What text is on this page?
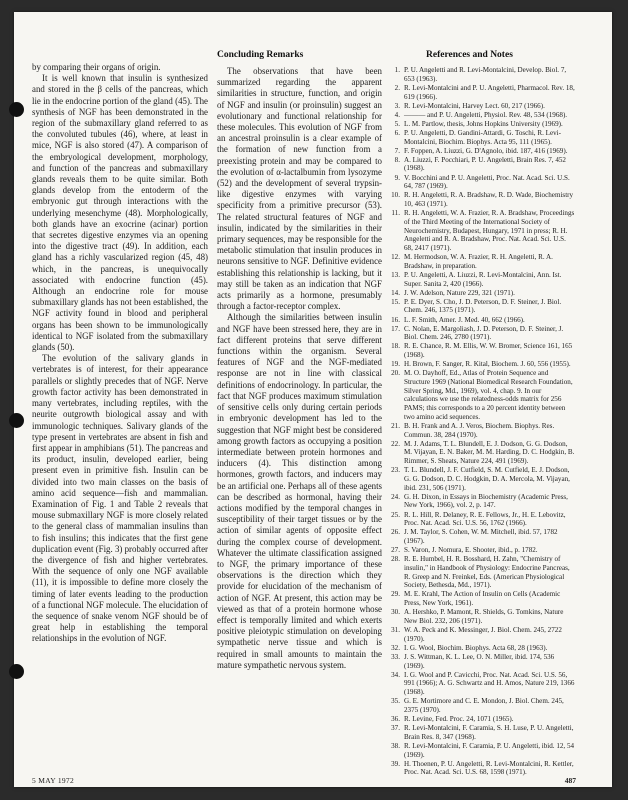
by comparing their organs of origin.

It is well known that insulin is synthesized and stored in the β cells of the pancreas, which lie in the endocrine portion of the gland (45). The synthesis of NGF has been demonstrated in the region of the submaxillary gland referred to as the convoluted tubules (46), where, at least in mice, NGF is also stored (47). A comparison of the embryological development, morphology, and function of the pancreas and submaxillary glands reveals them to be quite similar. Both glands develop from the entoderm of the embryonic gut through interactions with the underlying mesenchyme (48). Morphologically, both glands have an exocrine (acinar) portion that secretes digestive enzymes via an opening into the digestive tract (49). In addition, each gland has a richly vascularized region (45, 48) which, in the pancreas, is unequivocally associated with endocrine function (45). Although an endocrine role for mouse submaxillary glands has not been established, the NGF activity found in blood and peripheral organs has been shown to be immunologically identical to NGF isolated from the submaxillary glands (50).

The evolution of the salivary glands in vertebrates is of interest, for their appearance parallels or slightly precedes that of NGF. Nerve growth factor activity has been demonstrated in many vertebrates, including reptiles, with the neurite outgrowth biological assay and with immunologic techniques. Salivary glands of the type present in vertebrates are absent in fish and first appear in amphibians (51). The pancreas and its product, insulin, developed earlier, being present even in primitive fish. Insulin can be divided into two main classes on the basis of amino acid sequence—fish and mammalian. Examination of Fig. 1 and Table 2 reveals that mouse submaxillary NGF is more closely related to the general class of mammalian insulins than to fish insulins; this indicates that the first gene duplication event (Fig. 3) probably occurred after the divergence of fish and higher vertebrates. With the sequence of only one NGF available (11), it is impossible to define more closely the timing of later events leading to the production of a functional NGF molecule. The elucidation of the sequence of snake venom NGF should be of great help in establishing the temporal relationships in the evolution of NGF.

Concluding Remarks

The observations that have been summarized regarding the apparent similarities in structure, function, and origin of NGF and insulin (or proinsulin) suggest an evolutionary and functional relationship for these molecules. This evolution of NGF from an ancestral proinsulin is a clear example of the formation of new function from a preexisting protein and may be compared to the evolution of α-lactalbumin from lysozyme (52) and the development of several trypsin-like digestive enzymes with varying specificity from a primitive precursor (53). The related structural features of NGF and insulin, indicated by the similarities in their primary sequences, may be responsible for the metabolic stimulation that insulin produces in neurons sensitive to NGF. Definitive evidence establishing this relationship is lacking, but it may still be taken as an indication that NGF acts primarily as a hormone, presumably through a factor-receptor complex.

Although the similarities between insulin and NGF have been stressed here, they are in fact different proteins that serve different functions within the organism. Several features of NGF and the NGF-mediated response are not in line with classical definitions of endocrinology. In particular, the fact that NGF produces maximum stimulation of sensitive cells only during certain periods in embryonic development has led to the suggestion that NGF might best be considered among growth factors as occupying a position intermediate between protein hormones and inducers (4). This distinction among hormones, growth factors, and inducers may be an artificial one. Perhaps all of these agents can be described as hormonal, having their actions modified by the temporal changes in susceptibility of their target tissues or by the action of similar agents of opposite effect during the complex course of development. Whatever the ultimate classification assigned to NGF, the primary importance of these observations is the direction which they provide for elucidation of the mechanism of action of NGF. At present, this action may be viewed as that of a protein hormone whose effect is temporally limited and which exerts positive pleiotypic stimulation on developing sympathetic nerve tissue and which is required in small amounts to maintain the mature sympathetic nervous system.

References and Notes
1. P. U. Angeletti and R. Levi-Montalcini, Develop. Biol. 7, 653 (1963).
2. R. Levi-Montalcini and P. U. Angeletti, Pharmacol. Rev. 18, 619 (1966).
3. R. Levi-Montalcini, Harvey Lect. 60, 217 (1966).
4. ——— and P. U. Angeletti, Physiol. Rev. 48, 534 (1968).
5. L. M. Partlow, thesis, Johns Hopkins University (1969).
6. P. U. Angeletti, D. Gandini-Attardi, G. Toschi, R. Levi-Montalcini, Biochim. Biophys. Acta 95, 111 (1965).
7. F. Foppen, A. Liuzzi, G. D'Agnolo, ibid. 187, 416 (1969).
8. A. Liuzzi, F. Pocchiari, P. U. Angeletti, Brain Res. 7, 452 (1968).
9. V. Bocchini and P. U. Angeletti, Proc. Nat. Acad. Sci. U.S. 64, 787 (1969).
10. R. H. Angeletti, R. A. Bradshaw, R. D. Wade, Biochemistry 10, 463 (1971).
11. R. H. Angeletti, W. A. Frazier, R. A. Bradshaw, Proceedings of the Third Meeting of the International Society of Neurochemistry, Budapest, Hungary, 1971 in press; R. H. Angeletti and R. A. Bradshaw, Proc. Nat. Acad. Sci. U.S. 68, 2417 (1971).
12. M. Hermodson, W. A. Frazier, R. H. Angeletti, R. A. Bradshaw, in preparation.
13. P. U. Angeletti, A. Liuzzi, R. Levi-Montalcini, Ann. Ist. Super. Sanita 2, 420 (1966).
14. J. W. Adelson, Nature 229, 321 (1971).
15. P. E. Dyer, S. Cho, J. D. Peterson, D. F. Steiner, J. Biol. Chem. 246, 1375 (1971).
16. L. F. Smith, Amer. J. Med. 40, 662 (1966).
17. C. Nolan, E. Margoliash, J. D. Peterson, D. F. Steiner, J. Biol. Chem. 246, 2780 (1971).
18. R. E. Chance, R. M. Ellis, W. W. Bromer, Science 161, 165 (1968).
19. H. Brown, F. Sanger, R. Kital, Biochem. J. 60, 556 (1955).
20. M. O. Dayhoff, Ed., Atlas of Protein Sequence and Structure 1969 (National Biomedical Research Foundation, Silver Spring, Md., 1969), vol. 4, chap. 9. In our calculations we use the relatedness-odds matrix for 256 PAMS; this corresponds to a 20 percent identity between two amino acid sequences.
21. B. H. Frank and A. J. Veros, Biochem. Biophys. Res. Commun. 38, 284 (1970).
22. M. J. Adams, T. L. Blundell, E. J. Dodson, G. G. Dodson, M. Vijayan, E. N. Baker, M. M. Harding, D. C. Hodgkin, B. Rimmer, S. Sheats, Nature 224, 491 (1969).
23. T. L. Blundell, J. F. Cutfield, S. M. Cutfield, E. J. Dodson, G. G. Dodson, D. C. Hodgkin, D. A. Mercola, M. Vijayan, ibid. 231, 506 (1971).
24. G. H. Dixon, in Essays in Biochemistry (Academic Press, New York, 1966), vol. 2, p. 147.
25. R. L. Hill, R. Delaney, R. E. Fellows, Jr., H. E. Lebovitz, Proc. Nat. Acad. Sci. U.S. 56, 1762 (1966).
26. J. M. Taylor, S. Cohen, W. M. Mitchell, ibid. 57, 1782 (1967).
27. S. Varon, J. Nomura, E. Shooter, ibid., p. 1782.
28. R. E. Humbel, H. R. Bosshard, H. Zahn, "Chemistry of insulin," in Handbook of Physiology: Endocrine Pancreas, R. Greep and N. Freinkel, Eds. (American Physiological Society, Bethesda, Md., 1971).
29. M. E. Krahl, The Action of Insulin on Cells (Academic Press, New York, 1961).
30. A. Hershko, P. Mamont, R. Shields, G. Tomkins, Nature New Biol. 232, 206 (1971).
31. W. A. Peck and K. Messinger, J. Biol. Chem. 245, 2722 (1970).
32. I. G. Wool, Biochim. Biophys. Acta 68, 28 (1963).
33. J. S. Wittman, K. L. Lee, O. N. Miller, ibid. 174, 536 (1969).
34. I. G. Wool and P. Cavicchi, Proc. Nat. Acad. Sci. U.S. 56, 991 (1966); A. G. Schwartz and H. Amos, Nature 219, 1366 (1968).
35. G. E. Mortimore and C. E. Mondon, J. Biol. Chem. 245, 2375 (1970).
36. R. Levine, Fed. Proc. 24, 1071 (1965).
37. R. Levi-Montalcini, F. Caramia, S. H. Luse, P. U. Angeletti, Brain Res. 8, 347 (1968).
38. R. Levi-Montalcini, F. Caramia, P. U. Angeletti, ibid. 12, 54 (1969).
39. H. Thoenen, P. U. Angeletti, R. Levi-Montalcini, R. Kettler, Proc. Nat. Acad. Sci. U.S. 68, 1598 (1971).
5 MAY 1972	487
